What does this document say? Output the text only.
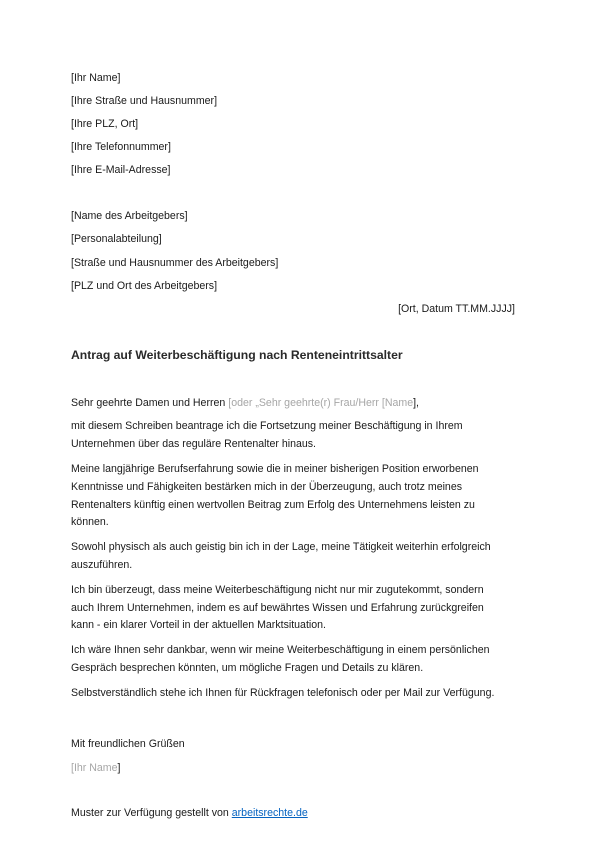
[Ihr Name]
[Ihre Straße und Hausnummer]
[Ihre PLZ, Ort]
[Ihre Telefonnummer]
[Ihre E-Mail-Adresse]
[Name des Arbeitgebers]
[Personalabteilung]
[Straße und Hausnummer des Arbeitgebers]
[PLZ und Ort des Arbeitgebers]
[Ort, Datum TT.MM.JJJJ]
Antrag auf Weiterbeschäftigung nach Renteneintrittsalter
Sehr geehrte Damen und Herren [oder „Sehr geehrte(r) Frau/Herr [Name],
mit diesem Schreiben beantrage ich die Fortsetzung meiner Beschäftigung in Ihrem
Unternehmen über das reguläre Rentenalter hinaus.
Meine langjährige Berufserfahrung sowie die in meiner bisherigen Position erworbenen
Kenntnisse und Fähigkeiten bestärken mich in der Überzeugung, auch trotz meines
Rentenalters künftig einen wertvollen Beitrag zum Erfolg des Unternehmens leisten zu
können.
Sowohl physisch als auch geistig bin ich in der Lage, meine Tätigkeit weiterhin erfolgreich
auszuführen.
Ich bin überzeugt, dass meine Weiterbeschäftigung nicht nur mir zugutekommt, sondern
auch Ihrem Unternehmen, indem es auf bewährtes Wissen und Erfahrung zurückgreifen
kann - ein klarer Vorteil in der aktuellen Marktsituation.
Ich wäre Ihnen sehr dankbar, wenn wir meine Weiterbeschäftigung in einem persönlichen
Gespräch besprechen könnten, um mögliche Fragen und Details zu klären.
Selbstverständlich stehe ich Ihnen für Rückfragen telefonisch oder per Mail zur Verfügung.
Mit freundlichen Grüßen
[Ihr Name]
Muster zur Verfügung gestellt von arbeitsrechte.de
